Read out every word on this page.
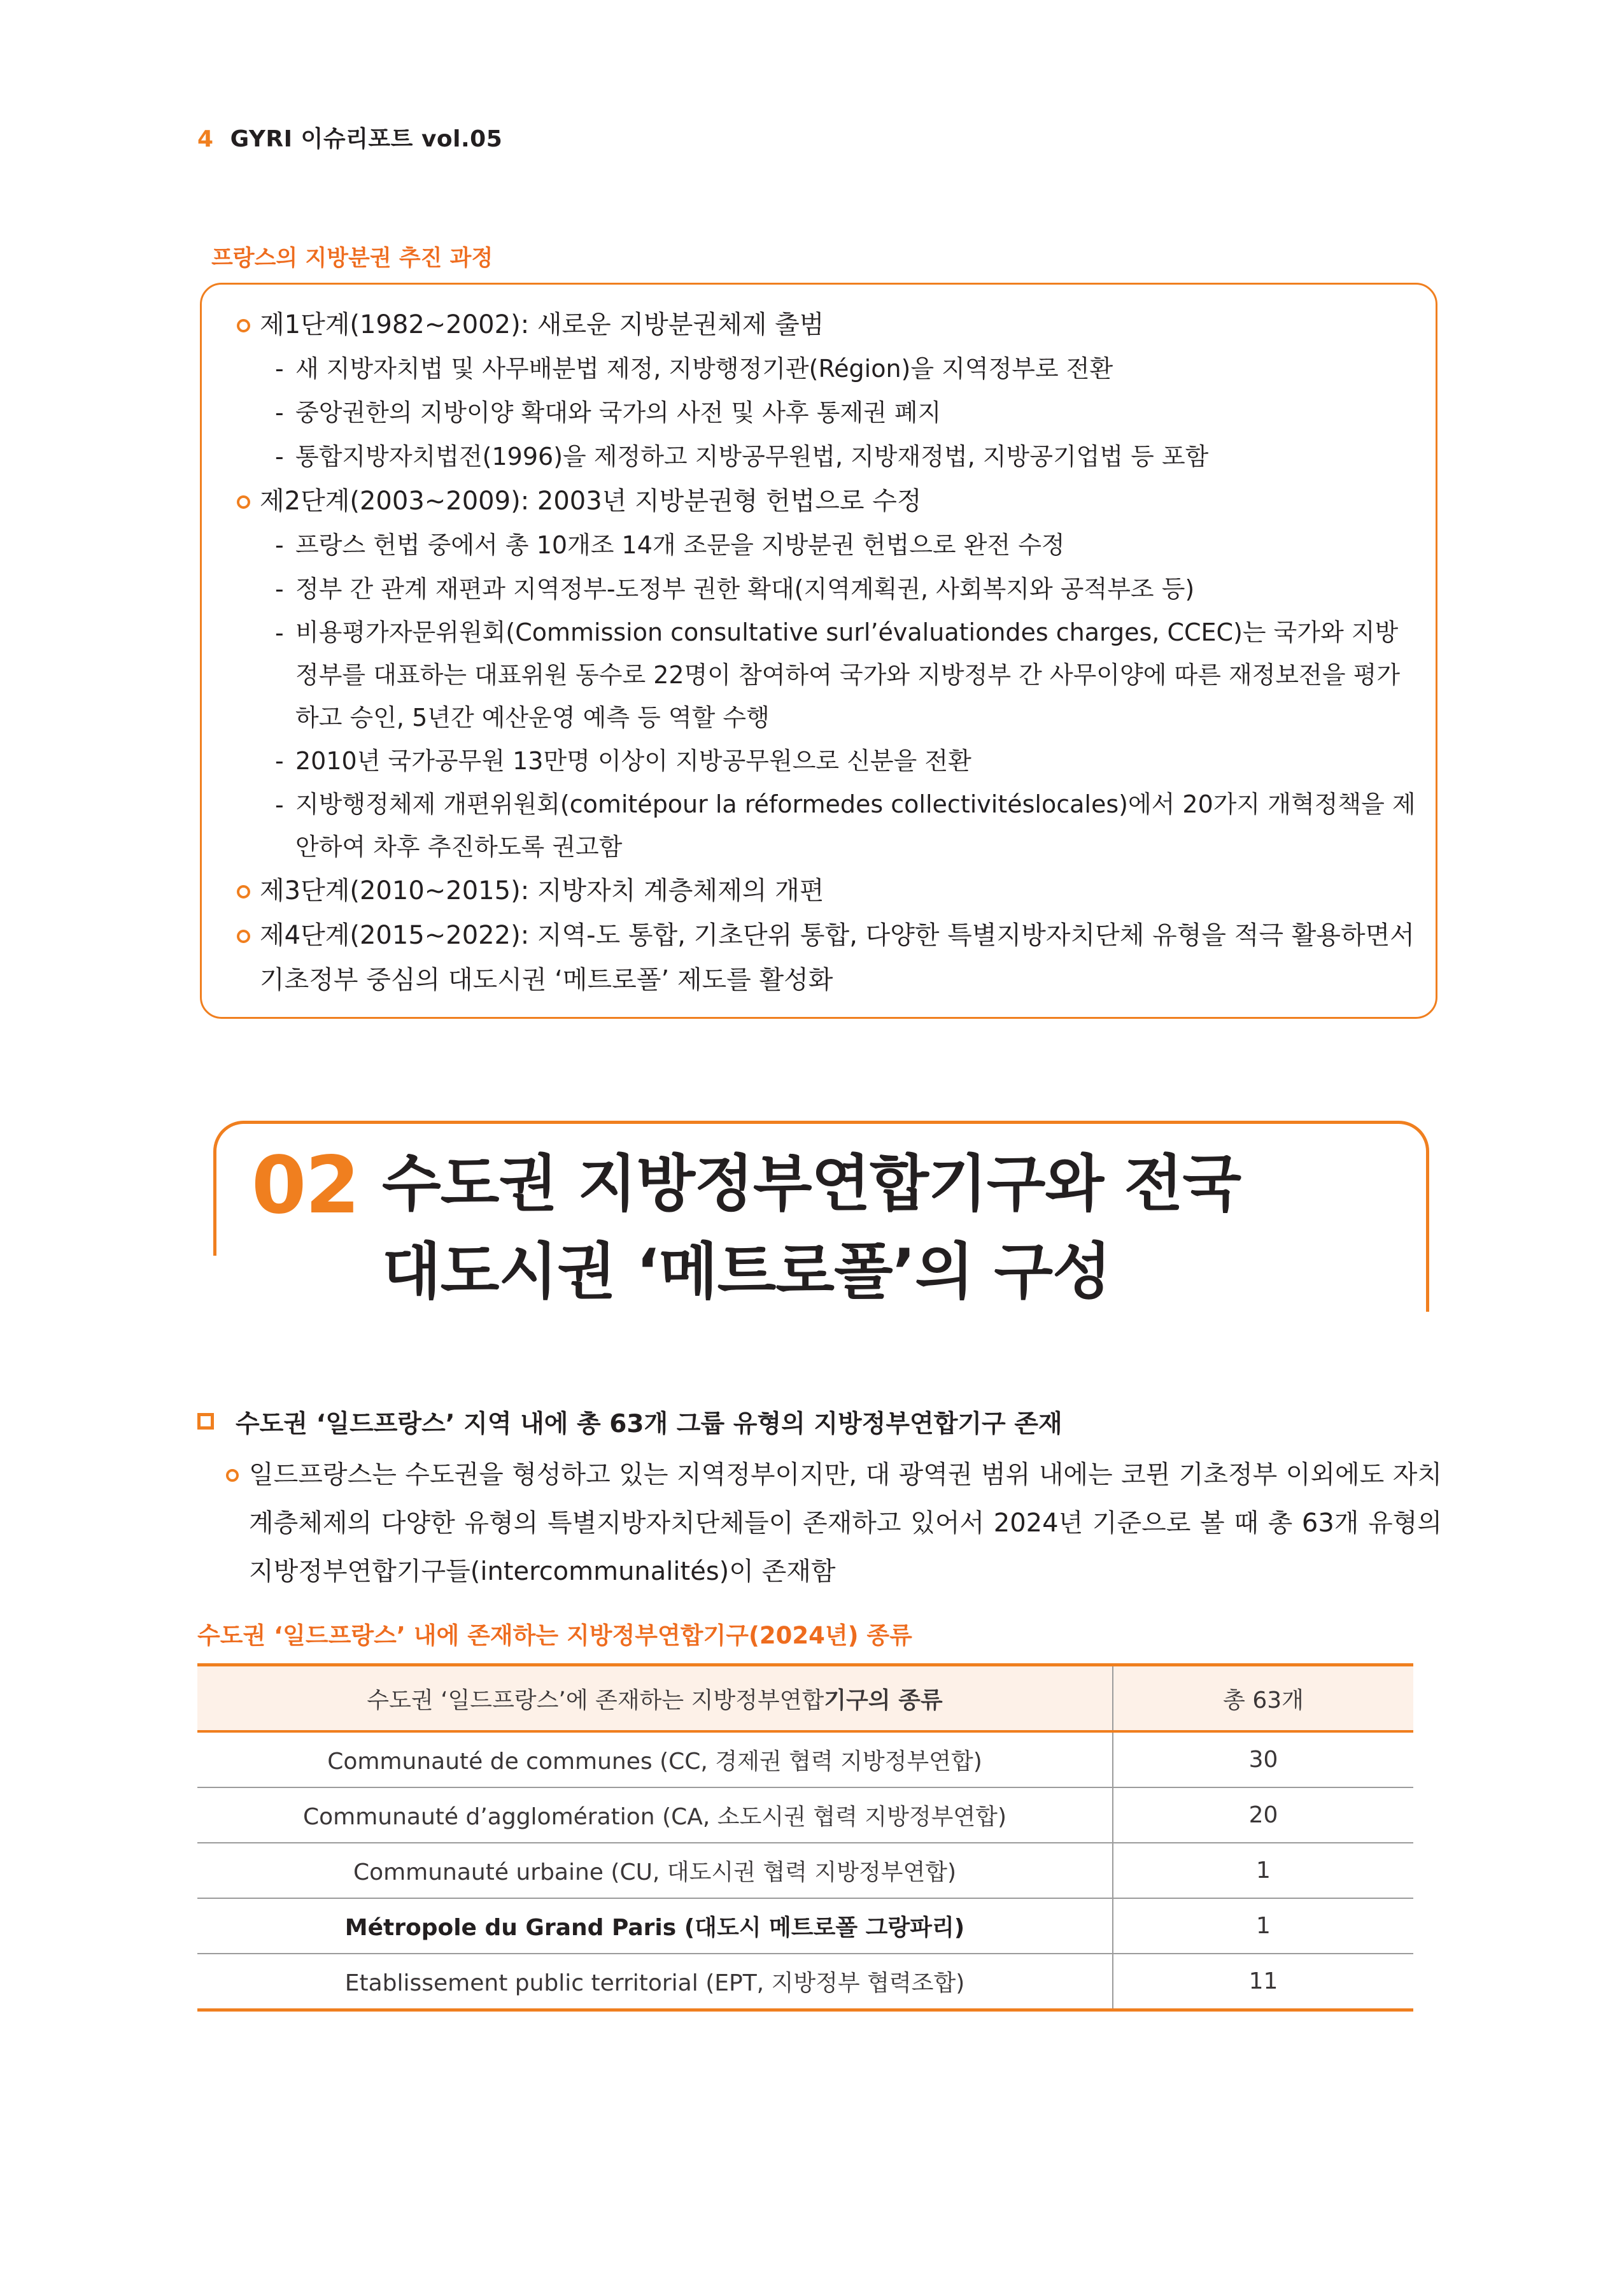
4 GYRI 이슈리포트 vol.05
프랑스의 지방분권 추진 과정
제1단계(1982~2002): 새로운 지방분권체제 출범
- 새 지방자치법 및 사무배분법 제정, 지방행정기관(Région)을 지역정부로 전환
- 중앙권한의 지방이양 확대와 국가의 사전 및 사후 통제권 폐지
- 통합지방자치법전(1996)을 제정하고 지방공무원법, 지방재정법, 지방공기업법 등 포함
제2단계(2003~2009): 2003년 지방분권형 헌법으로 수정
- 프랑스 헌법 중에서 총 10개조 14개 조문을 지방분권 헌법으로 완전 수정
- 정부 간 관계 재편과 지역정부-도정부 권한 확대(지역계획권, 사회복지와 공적부조 등)
- 비용평가자문위원회(Commission consultative surl’évaluationdes charges, CCEC)는 국가와 지방정부를 대표하는 대표위원 동수로 22명이 참여하여 국가와 지방정부 간 사무이양에 따른 재정보전을 평가하고 승인, 5년간 예산운영 예측 등 역할 수행
- 2010년 국가공무원 13만명 이상이 지방공무원으로 신분을 전환
- 지방행정체제 개편위원회(comitépour la réformedes collectivitéslocales)에서 20가지 개혁정책을 제안하여 차후 추진하도록 권고함
제3단계(2010~2015): 지방자치 계층체제의 개편
제4단계(2015~2022): 지역-도 통합, 기초단위 통합, 다양한 특별지방자치단체 유형을 적극 활용하면서 기초정부 중심의 대도시권 ‘메트로폴’ 제도를 활성화
02 수도권 지방정부연합기구와 전국
대도시권 ‘메트로폴’의 구성
수도권 ‘일드프랑스’ 지역 내에 총 63개 그룹 유형의 지방정부연합기구 존재
일드프랑스는 수도권을 형성하고 있는 지역정부이지만, 대 광역권 범위 내에는 코뮌 기초정부 이외에도 자치계층체제의 다양한 유형의 특별지방자치단체들이 존재하고 있어서 2024년 기준으로 볼 때 총 63개 유형의 지방정부연합기구들(intercommunalités)이 존재함
수도권 ‘일드프랑스’ 내에 존재하는 지방정부연합기구(2024년) 종류
수도권 ‘일드프랑스’에 존재하는 지방정부연합기구의 종류	총 63개
Communauté de communes (CC, 경제권 협력 지방정부연합)	30
Communauté d’agglomération (CA, 소도시권 협력 지방정부연합)	20
Communauté urbaine (CU, 대도시권 협력 지방정부연합)	1
Métropole du Grand Paris (대도시 메트로폴 그랑파리)	1
Etablissement public territorial (EPT, 지방정부 협력조합)	11
